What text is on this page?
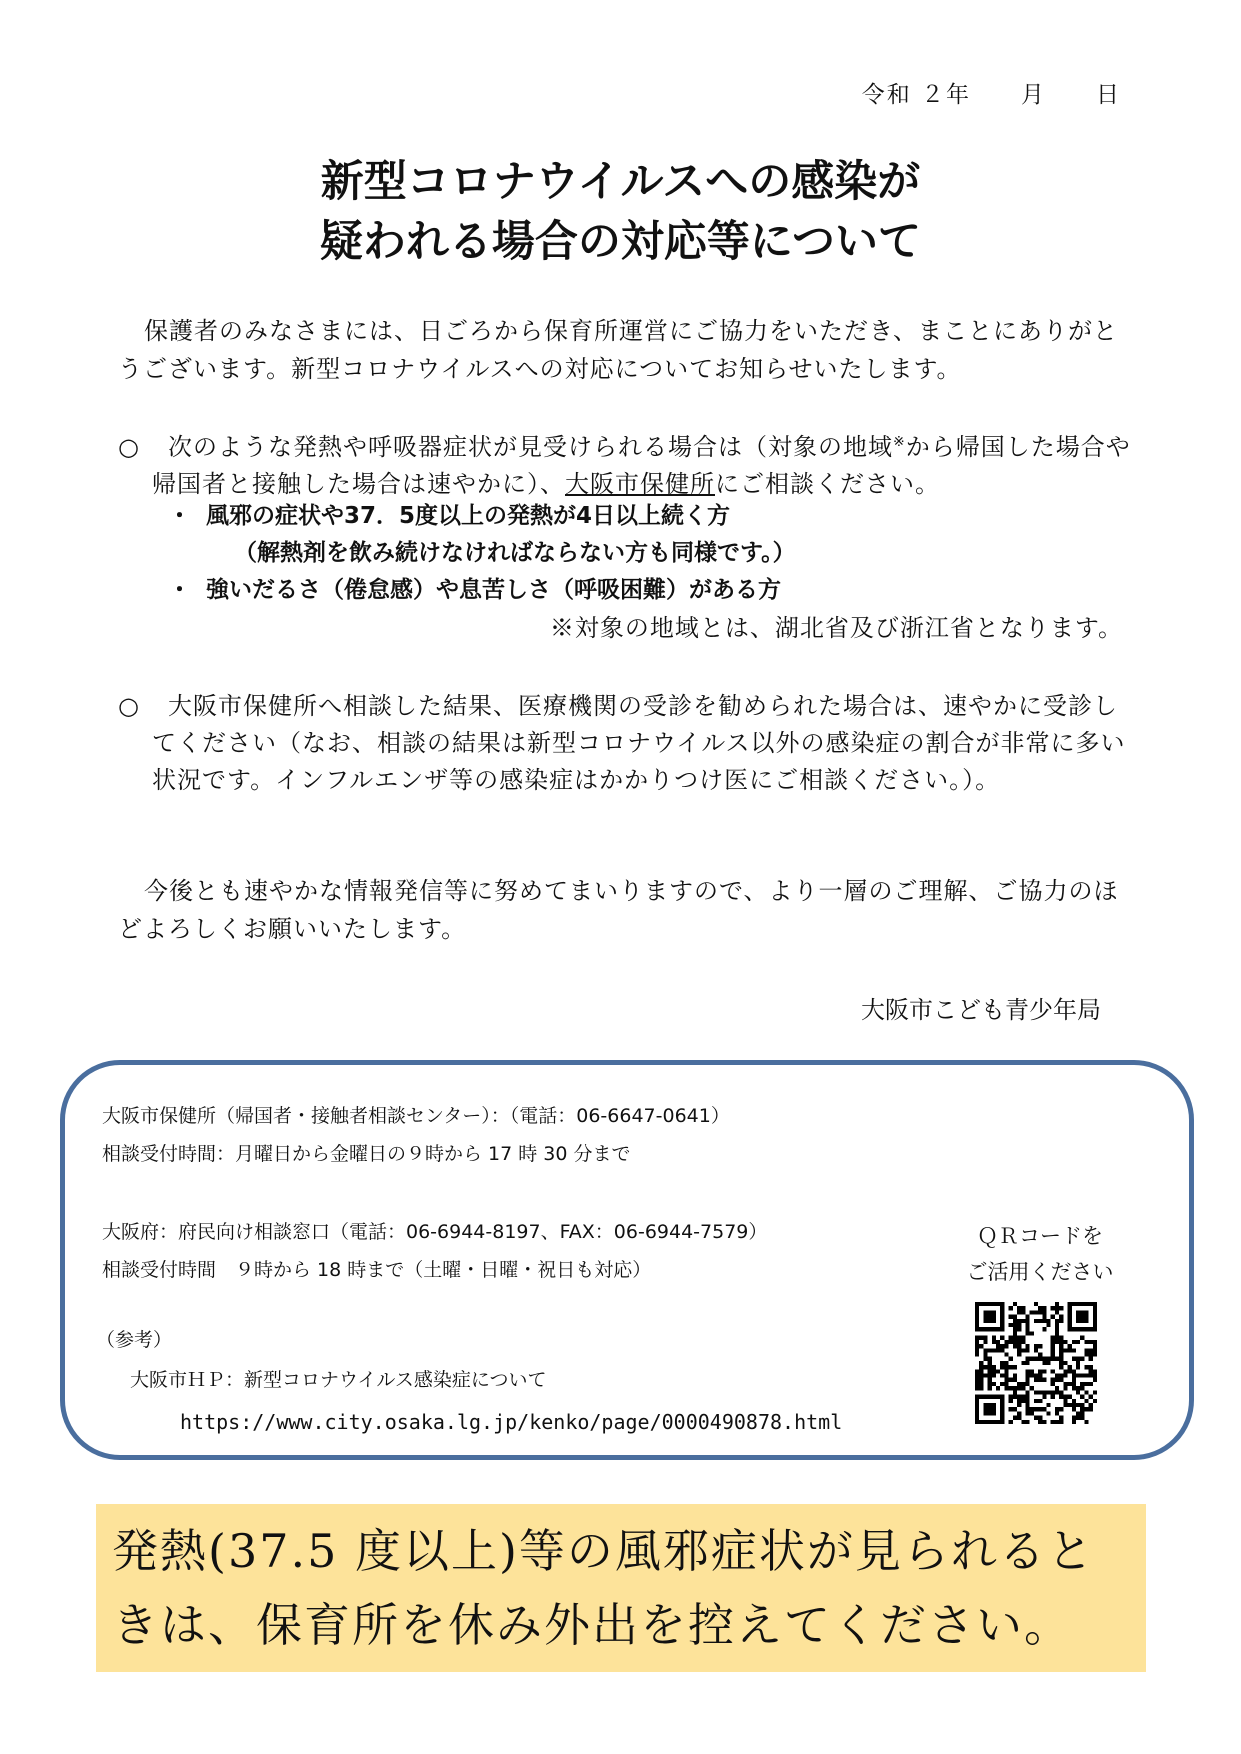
令和 ２年　　月　　日
新型コロナウイルスへの感染が
疑われる場合の対応等について
保護者のみなさまには、日ごろから保育所運営にご協力をいただき、まことにありがとうございます。新型コロナウイルスへの対応についてお知らせいたします。
○ 次のような発熱や呼吸器症状が見受けられる場合は（対象の地域※から帰国した場合や帰国者と接触した場合は速やかに）、大阪市保健所にご相談ください。
・ 風邪の症状や37．5度以上の発熱が4日以上続く方
（解熱剤を飲み続けなければならない方も同様です。）
・ 強いだるさ（倦怠感）や息苦しさ（呼吸困難）がある方
※対象の地域とは、湖北省及び浙江省となります。
○ 大阪市保健所へ相談した結果、医療機関の受診を勧められた場合は、速やかに受診してください（なお、相談の結果は新型コロナウイルス以外の感染症の割合が非常に多い状況です。インフルエンザ等の感染症はかかりつけ医にご相談ください。）。
今後とも速やかな情報発信等に努めてまいりますので、より一層のご理解、ご協力のほどよろしくお願いいたします。
大阪市こども青少年局
大阪市保健所（帰国者・接触者相談センター）：（電話：06-6647-0641）
相談受付時間：月曜日から金曜日の９時から 17 時 30 分まで
大阪府：府民向け相談窓口（電話：06-6944-8197、FAX：06-6944-7579）
相談受付時間　９時から 18 時まで（土曜・日曜・祝日も対応）
（参考）
大阪市ＨＰ：新型コロナウイルス感染症について
https://www.city.osaka.lg.jp/kenko/page/0000490878.html
ＱＲコードを
ご活用ください
発熱(37.5 度以上)等の風邪症状が見られるときは、保育所を休み外出を控えてください。
